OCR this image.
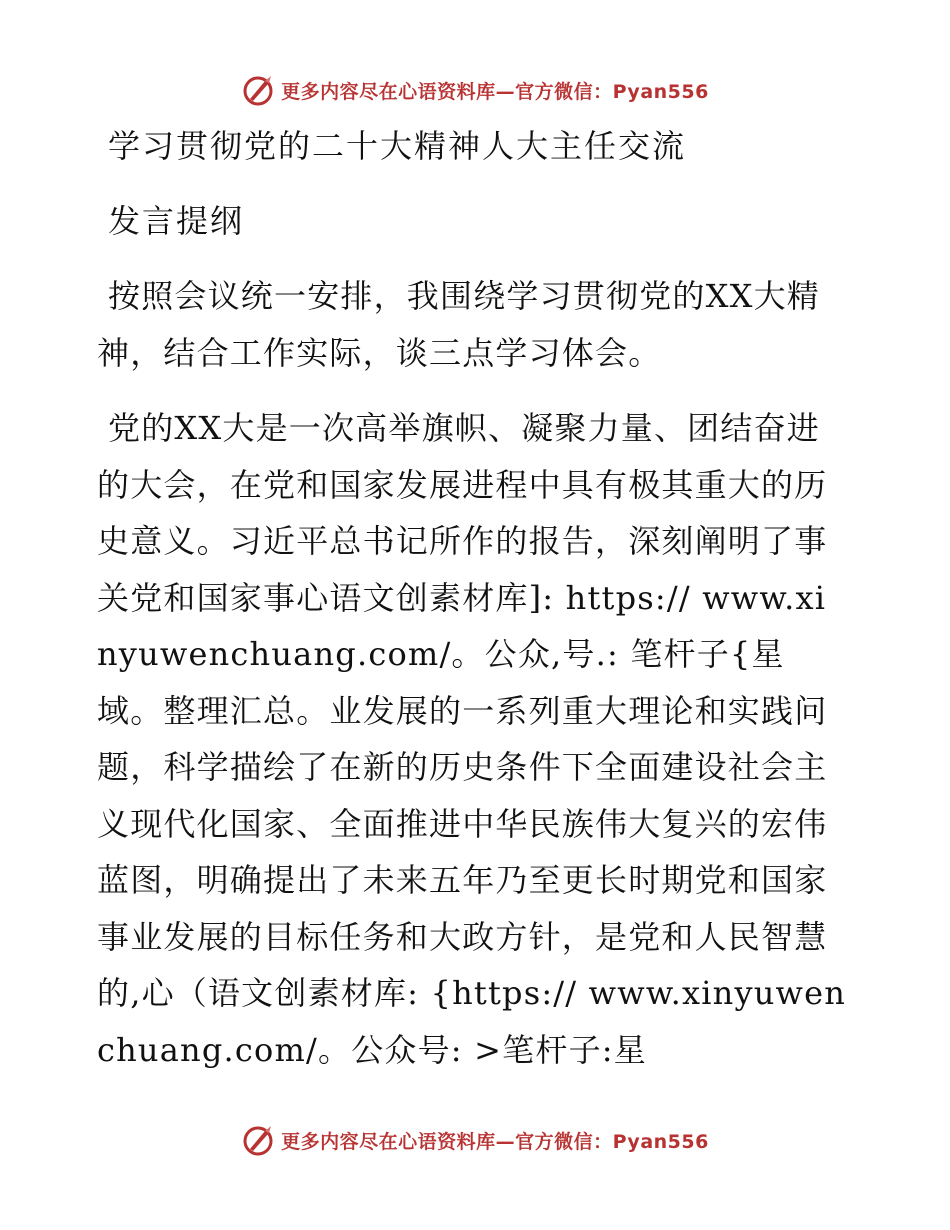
更多内容尽在心语资料库—官方微信：Pyan556
学习贯彻党的二十大精神人大主任交流
发言提纲
按照会议统一安排，我围绕学习贯彻党的XX大精神，结合工作实际，谈三点学习体会。
党的XX大是一次高举旗帜、凝聚力量、团结奋进的大会，在党和国家发展进程中具有极其重大的历史意义。习近平总书记所作的报告，深刻阐明了事关党和国家事心语文创素材库]: https:// www.xinyuwenchuang.com/。公众,号.: 笔杆子{星域。整理汇总。业发展的一系列重大理论和实践问题，科学描绘了在新的历史条件下全面建设社会主义现代化国家、全面推进中华民族伟大复兴的宏伟蓝图，明确提出了未来五年乃至更长时期党和国家事业发展的目标任务和大政方针，是党和人民智慧的,心（语文创素材库: {https:// www.xinyuwenchuang.com/。公众号: >笔杆子:星
更多内容尽在心语资料库—官方微信：Pyan556
